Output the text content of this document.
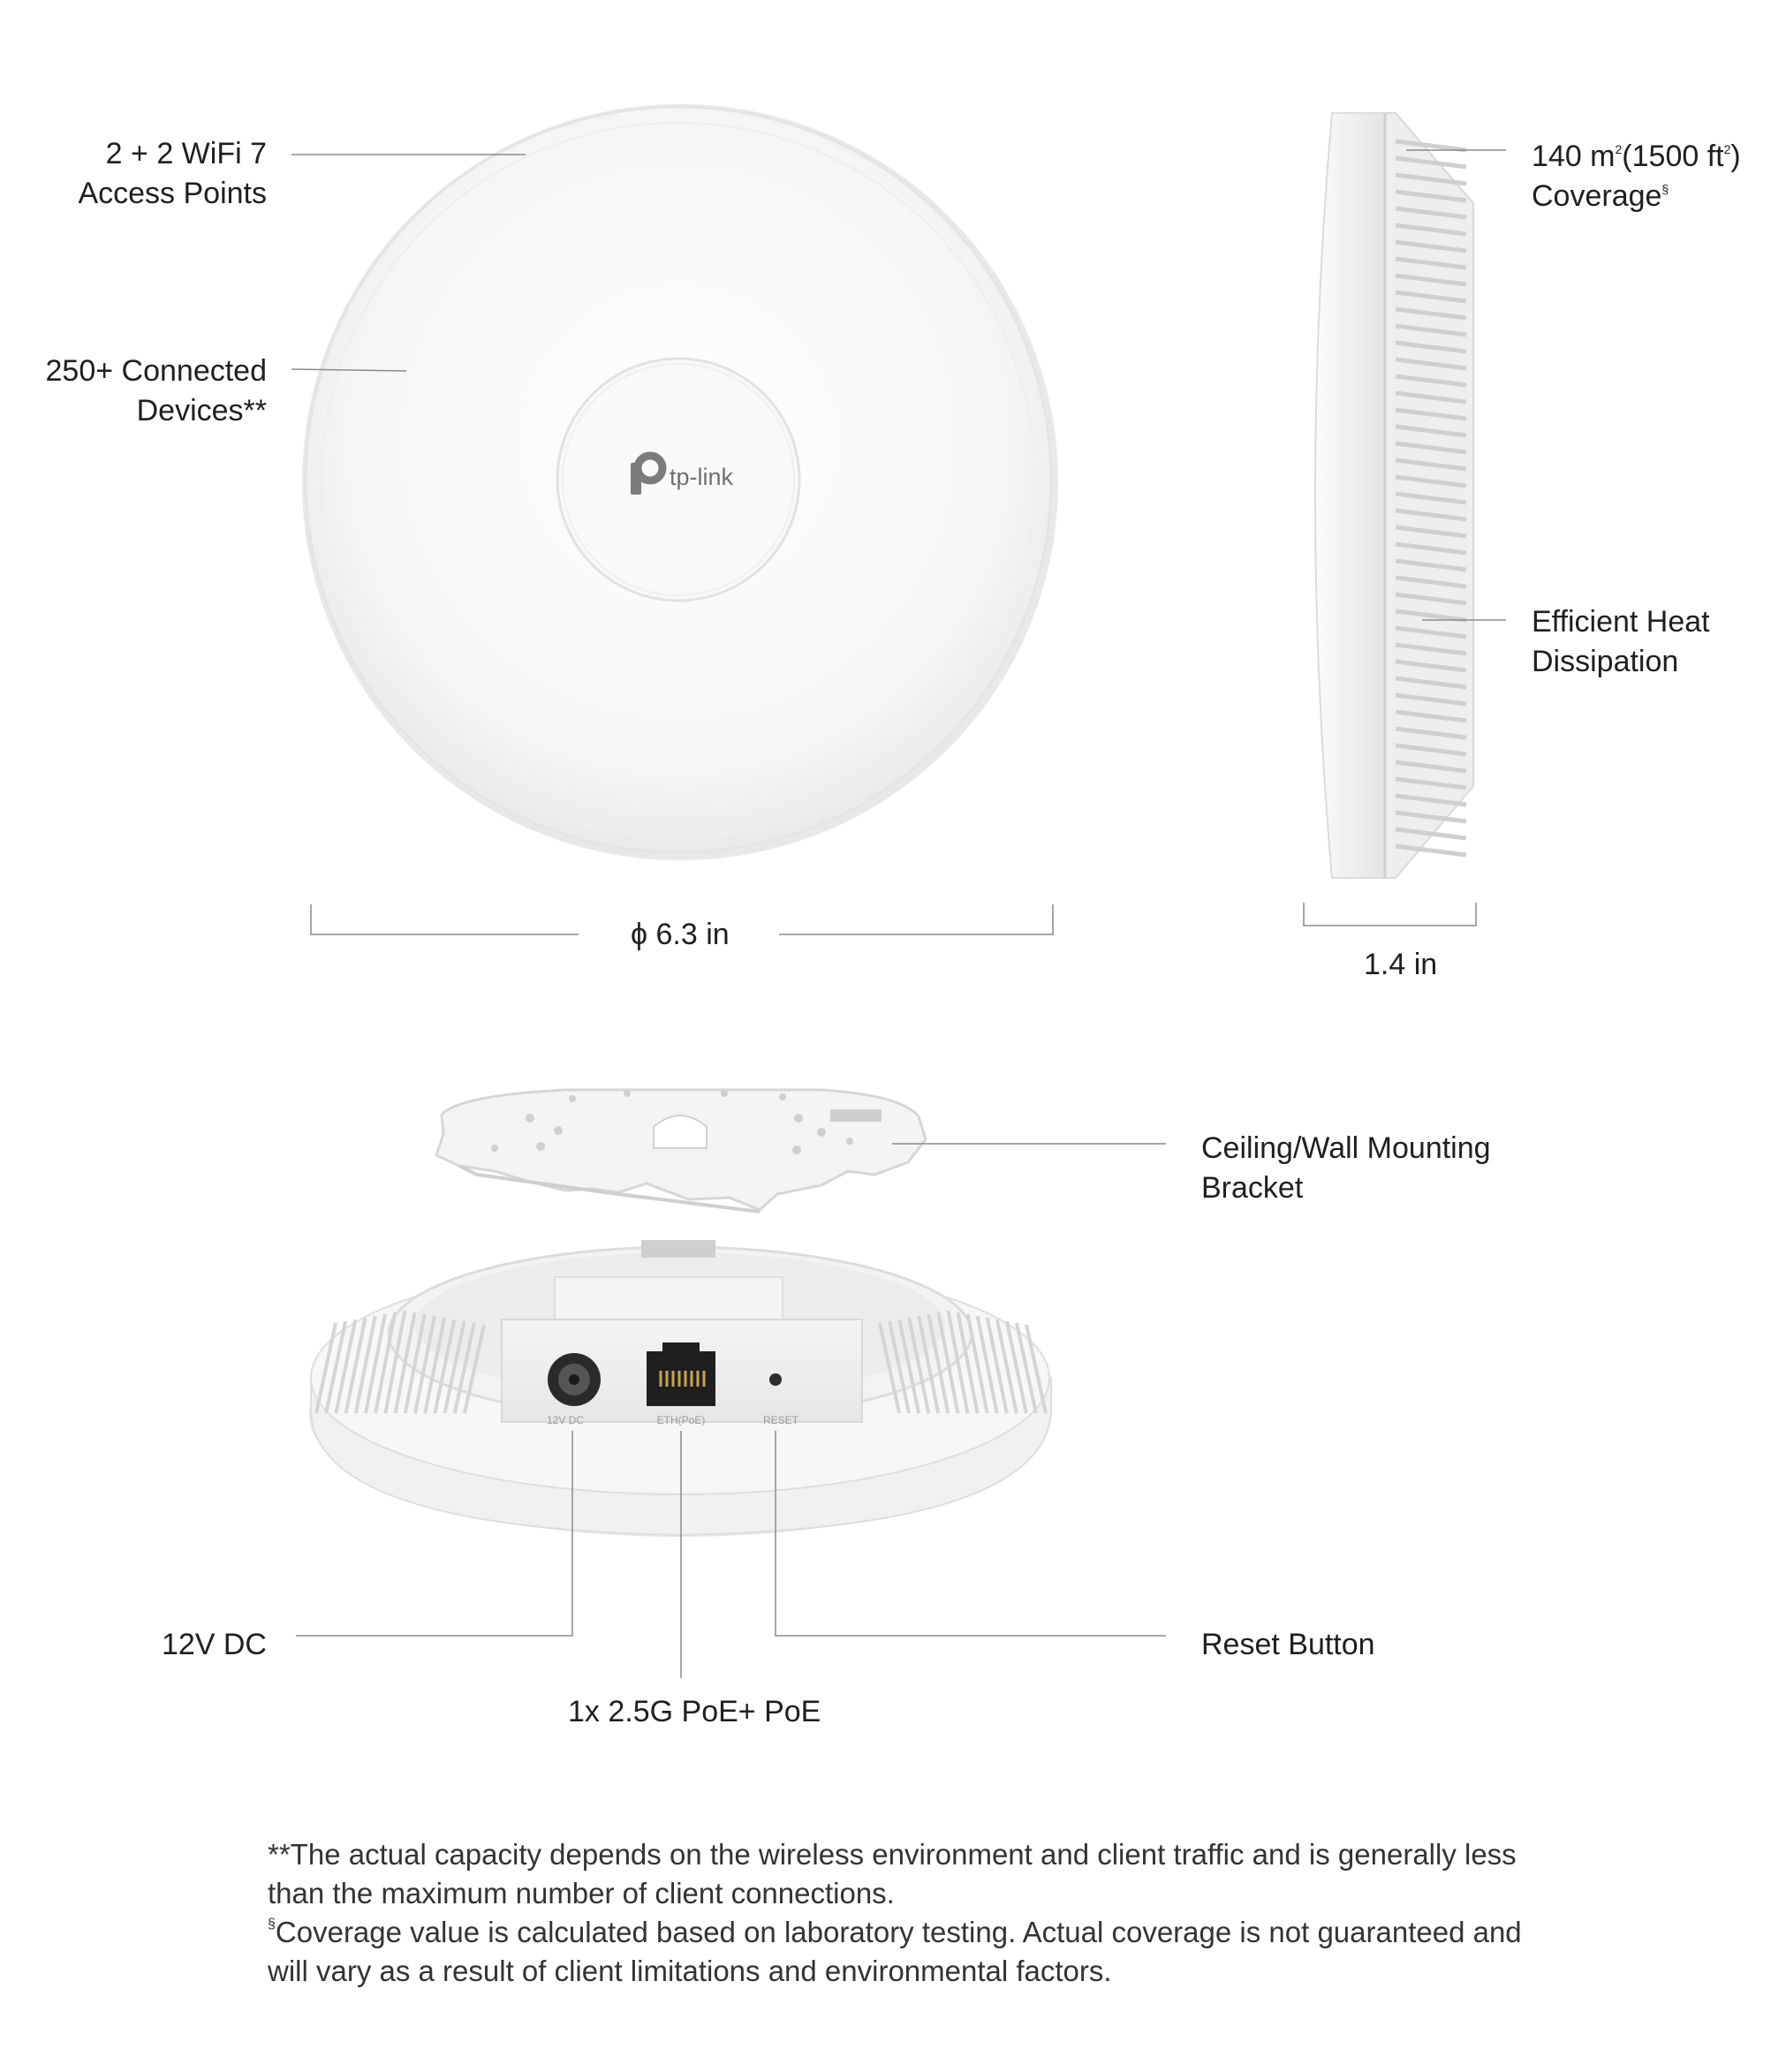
12V DC	ETH(PoE)	RESET
tp-link
2 + 2 WiFi 7
Access Points
250+ Connected
Devices**
140 $m^2(1500$ $ft^2$)
Coverage§
Efficient Heat
Dissipation
Ceiling/Wall Mounting
Bracket
12V DC
1x 2.5G PoE+ PoE
Reset Button
ϕ 6.3 in
1.4 in

**The actual capacity depends on the wireless environment and client traffic and is generally less than the maximum number of client connections.

§Coverage value is calculated based on laboratory testing. Actual coverage is not guaranteed and will vary as a result of client limitations and environmental factors.
